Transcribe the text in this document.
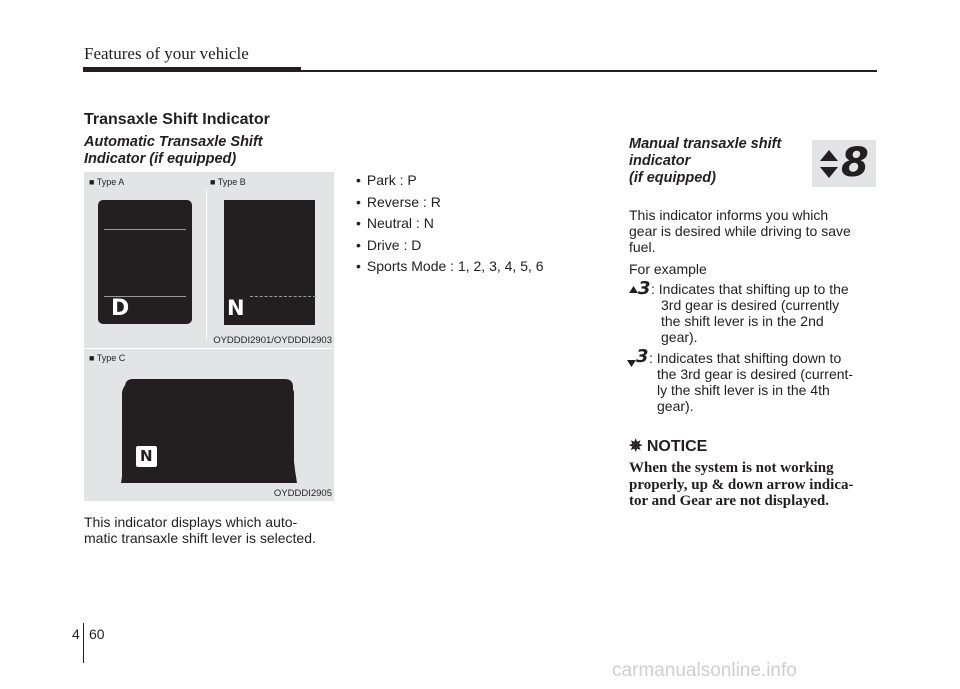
Features of your vehicle
Transaxle Shift Indicator
Automatic Transaxle Shift
Indicator (if equipped)
■ Type A	■ Type B
D	N
OYDDDI2901/OYDDDI2903
■ Type C
N
OYDDDI2905
This indicator displays which auto-
matic transaxle shift lever is selected.
• Park : P
• Reverse : R
• Neutral : N
• Drive : D
• Sports Mode : 1, 2, 3, 4, 5, 6
Manual transaxle shift
indicator
(if equipped)	8
This indicator informs you which
gear is desired while driving to save
fuel.
For example
3 : Indicates that shifting up to the
3rd gear is desired (currently
the shift lever is in the 2nd
gear).
3 : Indicates that shifting down to
the 3rd gear is desired (current-
ly the shift lever is in the 4th
gear).
✵ NOTICE
When the system is not working
properly, up & down arrow indica-
tor and Gear are not displayed.
4 60
carmanualsonline.info
